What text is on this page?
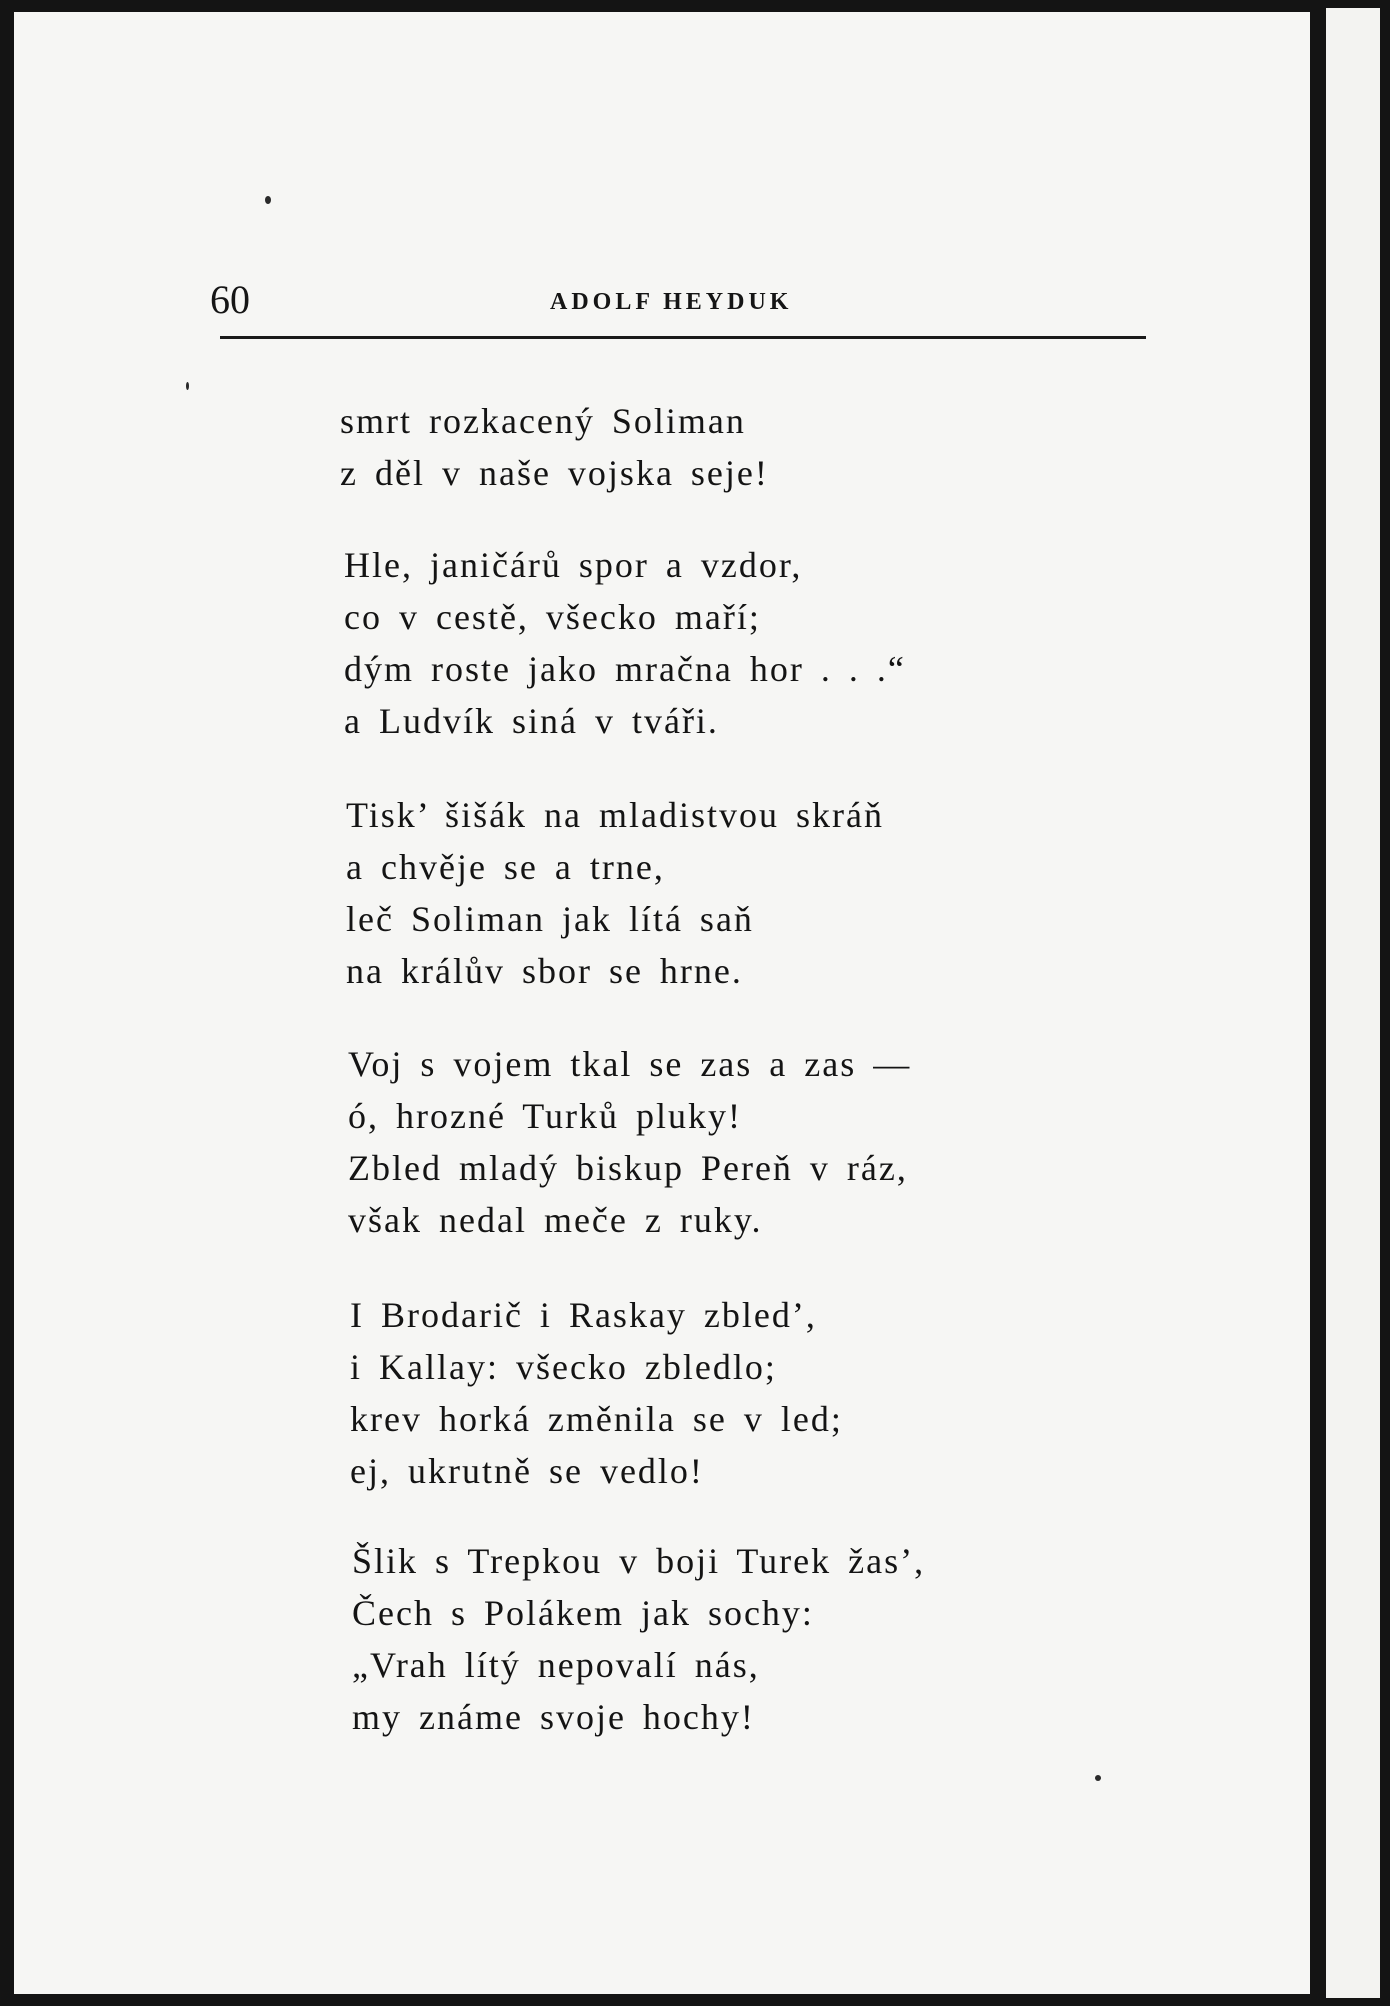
60	ADOLF HEYDUK
smrt rozkacený Soliman
z děl v naše vojska seje!
Hle, janičárů spor a vzdor,
co v cestě, všecko maří;
dým roste jako mračna hor . . .“
a Ludvík siná v tváři.
Tisk’ šišák na mladistvou skráň
a chvěje se a trne,
leč Soliman jak lítá saň
na králův sbor se hrne.
Voj s vojem tkal se zas a zas —
ó, hrozné Turků pluky!
Zbled mladý biskup Pereň v ráz,
však nedal meče z ruky.
I Brodarič i Raskay zbled’,
i Kallay: všecko zbledlo;
krev horká změnila se v led;
ej, ukrutně se vedlo!
Šlik s Trepkou v boji Turek žas’,
Čech s Polákem jak sochy:
„Vrah lítý nepovalí nás,
my známe svoje hochy!
